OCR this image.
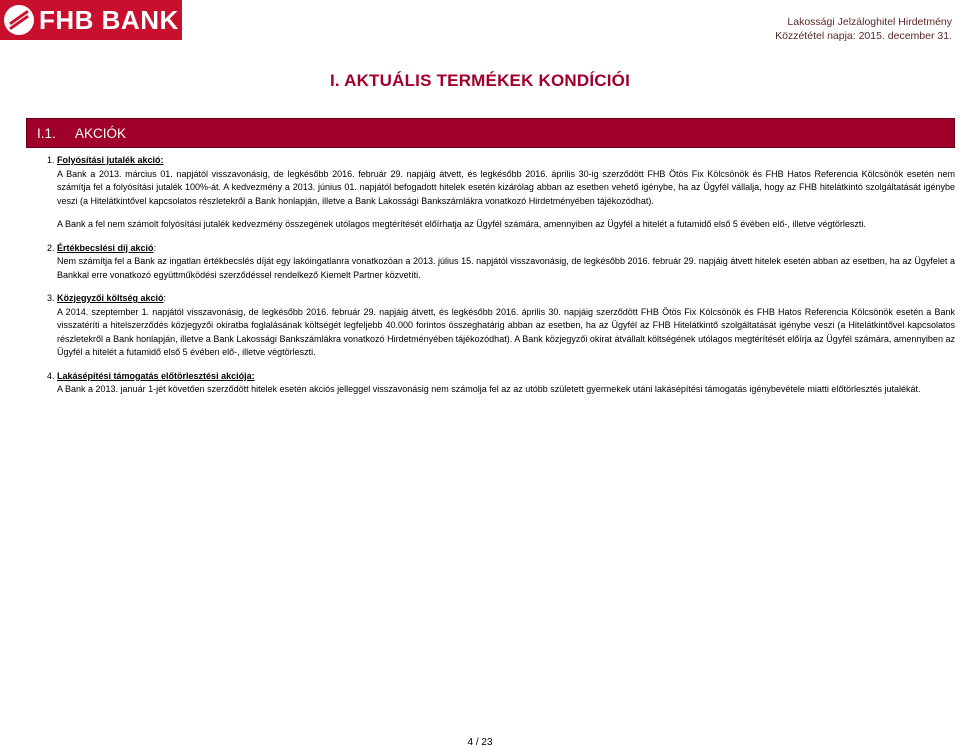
FHB BANK	Lakossági Jelzáloghitel Hirdetmény
Közzététel napja: 2015. december 31.
I. AKTUÁLIS TERMÉKEK KONDÍCIÓI
I.1.	AKCIÓK
1. Folyósítási jutalék akció:

A Bank a 2013. március 01. napjától visszavonásig, de legkésőbb 2016. február 29. napjáig átvett, és legkésőbb 2016. április 30-ig szerződött FHB Ötös Fix Kölcsönök és FHB Hatos Referencia Kölcsönök esetén nem számítja fel a folyósítási jutalék 100%-át. A kedvezmény a 2013. június 01. napjától befogadott hitelek esetén kizárólag abban az esetben vehető igénybe, ha az Ügyfél vállalja, hogy az FHB hitelátkintó szolgáltatását igénybe veszi (a Hitelátkintővel kapcsolatos részletekről a Bank honlapján, illetve a Bank Lakossági Bankszámlákra vonatkozó Hirdetményében tájékozódhat).

A Bank a fel nem számolt folyósítási jutalék kedvezmény összegének utólagos megtérítését előírhatja az Ügyfél számára, amennyiben az Ügyfél a hitelét a futamidő első 5 évében elő-, illetve végtörleszti.

2. Értékbecslési díj akció:

Nem számítja fel a Bank az ingatlan értékbecslés díját egy lakóingatlanra vonatkozóan a 2013. július 15. napjától visszavonásig, de legkésőbb 2016. február 29. napjáig átvett hitelek esetén abban az esetben, ha az Ügyfelet a Bankkal erre vonatkozó együttműködési szerződéssel rendelkező Kiemelt Partner közvetíti.

3. Közjegyzői költség akció:

A 2014. szeptember 1. napjától visszavonásig, de legkésőbb 2016. február 29. napjáig átvett, és legkésőbb 2016. április 30. napjáig szerződött FHB Ötös Fix Kölcsönök és FHB Hatos Referencia Kölcsönök esetén a Bank visszatéríti a hitelszerződés közjegyzői okiratba foglalásának költségét legfeljebb 40.000 forintos összeghatárig abban az esetben, ha az Ügyfél az FHB Hitelátkintő szolgáltatását igénybe veszi (a Hitelátkintővel kapcsolatos részletekről a Bank honlapján, illetve a Bank Lakossági Bankszámlákra vonatkozó Hirdetményében tájékozódhat). A Bank közjegyzői okirat átvállalt költségének utólagos megtérítését előírja az Ügyfél számára, amennyiben az Ügyfél a hitelét a futamidő első 5 évében elő-, illetve végtörleszti.

4. Lakásépítési támogatás előtörlesztési akciója:

A Bank a 2013. január 1-jét követően szerződött hitelek esetén akciós jelleggel visszavonásig nem számolja fel az az utóbb született gyermekek utáni lakásépítési támogatás igénybevétele miatti előtörlesztés jutalékát.

4 / 23
